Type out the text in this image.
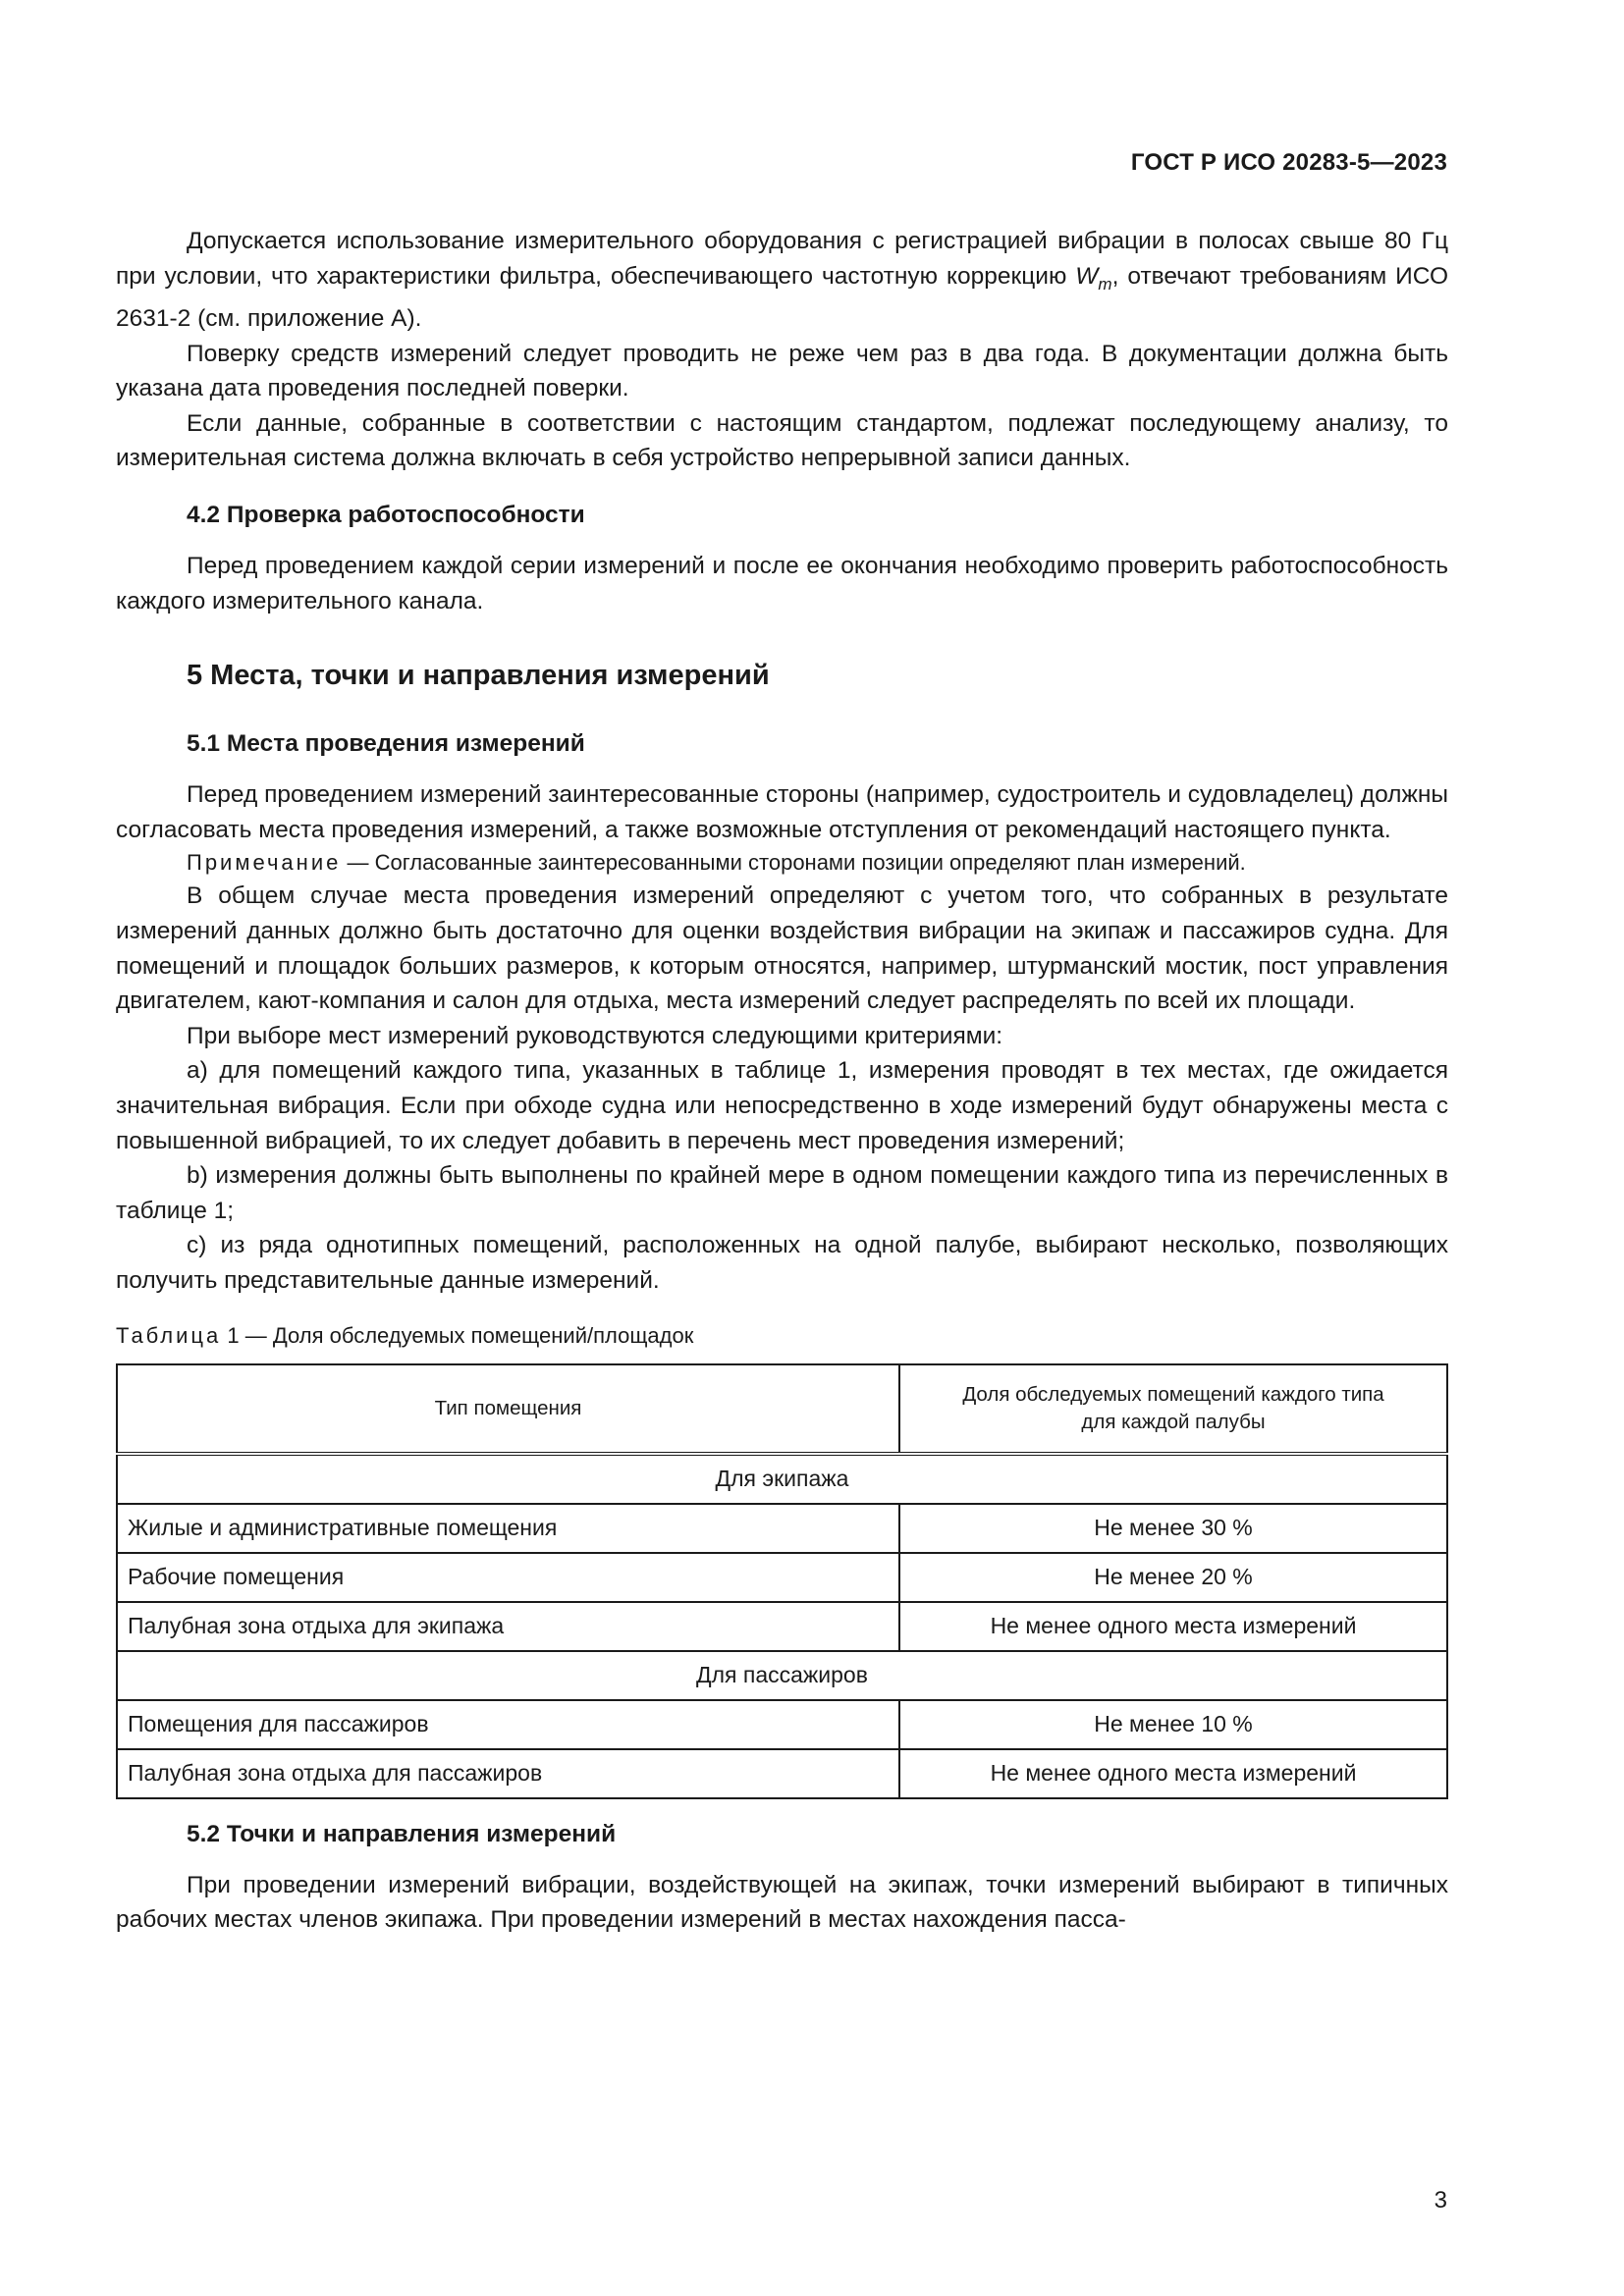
ГОСТ Р ИСО 20283-5—2023

Допускается использование измерительного оборудования с регистрацией вибрации в полосах свыше 80 Гц при условии, что характеристики фильтра, обеспечивающего частотную коррекцию $W_m$, отвечают требованиям ИСО 2631-2 (см. приложение А).

Поверку средств измерений следует проводить не реже чем раз в два года. В документации должна быть указана дата проведения последней поверки.

Если данные, собранные в соответствии с настоящим стандартом, подлежат последующему анализу, то измерительная система должна включать в себя устройство непрерывной записи данных.

4.2 Проверка работоспособности

Перед проведением каждой серии измерений и после ее окончания необходимо проверить работоспособность каждого измерительного канала.

5 Места, точки и направления измерений
5.1 Места проведения измерений

Перед проведением измерений заинтересованные стороны (например, судостроитель и судовладелец) должны согласовать места проведения измерений, а также возможные отступления от рекомендаций настоящего пункта.

Примечание — Согласованные заинтересованными сторонами позиции определяют план измерений.

В общем случае места проведения измерений определяют с учетом того, что собранных в результате измерений данных должно быть достаточно для оценки воздействия вибрации на экипаж и пассажиров судна. Для помещений и площадок больших размеров, к которым относятся, например, штурманский мостик, пост управления двигателем, кают-компания и салон для отдыха, места измерений следует распределять по всей их площади.

При выборе мест измерений руководствуются следующими критериями:

a) для помещений каждого типа, указанных в таблице 1, измерения проводят в тех местах, где ожидается значительная вибрация. Если при обходе судна или непосредственно в ходе измерений будут обнаружены места с повышенной вибрацией, то их следует добавить в перечень мест проведения измерений;

b) измерения должны быть выполнены по крайней мере в одном помещении каждого типа из перечисленных в таблице 1;

c) из ряда однотипных помещений, расположенных на одной палубе, выбирают несколько, позволяющих получить представительные данные измерений.

Таблица 1 — Доля обследуемых помещений/площадок
Тип помещения	Доля обследуемых помещений каждого типа
для каждой палубы
Для экипажа	
Жилые и административные помещения	Не менее 30 %
Рабочие помещения	Не менее 20 %
Палубная зона отдыха для экипажа	Не менее одного места измерений
Для пассажиров	
Помещения для пассажиров	Не менее 10 %
Палубная зона отдыха для пассажиров	Не менее одного места измерений
5.2 Точки и направления измерений

При проведении измерений вибрации, воздействующей на экипаж, точки измерений выбирают в типичных рабочих местах членов экипажа. При проведении измерений в местах нахождения пасса-

3
